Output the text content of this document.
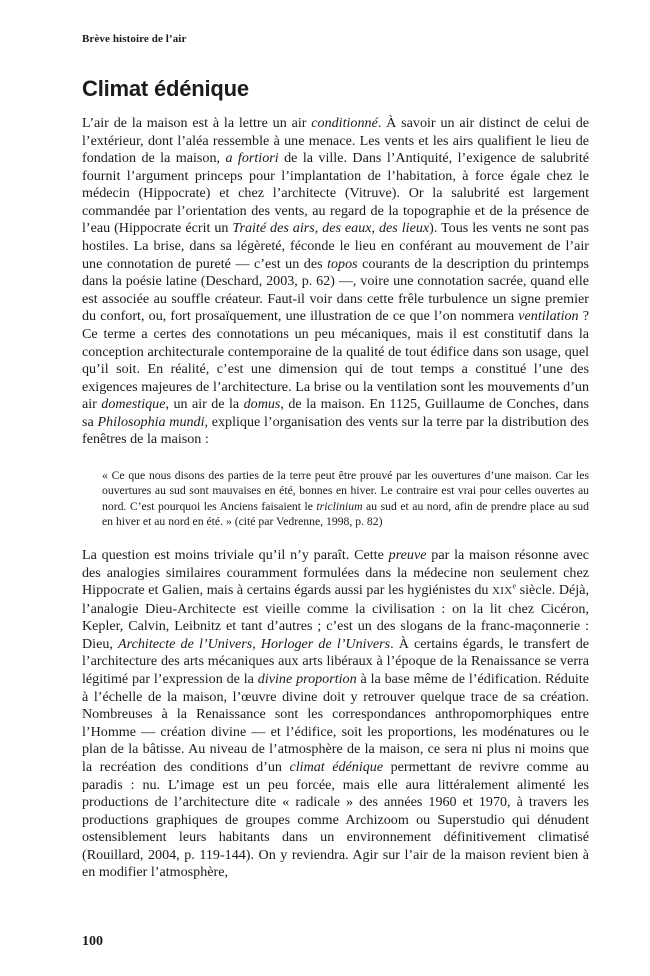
Brève histoire de l’air
Climat édénique

L’air de la maison est à la lettre un air conditionné. À savoir un air distinct de celui de l’extérieur, dont l’aléa ressemble à une menace. Les vents et les airs qualifient le lieu de fondation de la maison, a fortiori de la ville. Dans l’Antiquité, l’exigence de salubrité fournit l’argument princeps pour l’implantation de l’habitation, à force égale chez le médecin (Hippocrate) et chez l’architecte (Vitruve). Or la salubrité est largement commandée par l’orientation des vents, au regard de la topographie et de la présence de l’eau (Hippocrate écrit un Traité des airs, des eaux, des lieux). Tous les vents ne sont pas hostiles. La brise, dans sa légèreté, féconde le lieu en conférant au mouvement de l’air une connotation de pureté — c’est un des topos courants de la description du printemps dans la poésie latine (Deschard, 2003, p. 62) —, voire une connotation sacrée, quand elle est associée au souffle créateur. Faut-il voir dans cette frêle turbulence un signe premier du confort, ou, fort prosaïquement, une illustration de ce que l’on nommera ventilation ? Ce terme a certes des connotations un peu mécaniques, mais il est constitutif dans la conception architecturale contemporaine de la qualité de tout édifice dans son usage, quel qu’il soit. En réalité, c’est une dimension qui de tout temps a constitué l’une des exigences majeures de l’architecture. La brise ou la ventilation sont les mouvements d’un air domestique, un air de la domus, de la maison. En 1125, Guillaume de Conches, dans sa Philosophia mundi, explique l’organisation des vents sur la terre par la distribution des fenêtres de la maison :

« Ce que nous disons des parties de la terre peut être prouvé par les ouvertures d’une maison. Car les ouvertures au sud sont mauvaises en été, bonnes en hiver. Le contraire est vrai pour celles ouvertes au nord. C’est pourquoi les Anciens faisaient le triclinium au sud et au nord, afin de prendre place au sud en hiver et au nord en été. » (cité par Vedrenne, 1998, p. 82)

La question est moins triviale qu’il n’y paraît. Cette preuve par la maison résonne avec des analogies similaires couramment formulées dans la médecine non seulement chez Hippocrate et Galien, mais à certains égards aussi par les hygiénistes du XIXe siècle. Déjà, l’analogie Dieu-Architecte est vieille comme la civilisation : on la lit chez Cicéron, Kepler, Calvin, Leibnitz et tant d’autres ; c’est un des slogans de la franc-maçonnerie : Dieu, Architecte de l’Univers, Horloger de l’Univers. À certains égards, le transfert de l’architecture des arts mécaniques aux arts libéraux à l’époque de la Renaissance se verra légitimé par l’expression de la divine proportion à la base même de l’édification. Réduite à l’échelle de la maison, l’œuvre divine doit y retrouver quelque trace de sa création. Nombreuses à la Renaissance sont les correspondances anthropomorphiques entre l’Homme — création divine — et l’édifice, soit les proportions, les modénatures ou le plan de la bâtisse. Au niveau de l’atmosphère de la maison, ce sera ni plus ni moins que la recréation des conditions d’un climat édénique permettant de revivre comme au paradis : nu. L’image est un peu forcée, mais elle aura littéralement alimenté les productions de l’architecture dite « radicale » des années 1960 et 1970, à travers les productions graphiques de groupes comme Archizoom ou Superstudio qui dénudent ostensiblement leurs habitants dans un environnement définitivement climatisé (Rouillard, 2004, p. 119-144). On y reviendra. Agir sur l’air de la maison revient bien à en modifier l’atmosphère,

100
